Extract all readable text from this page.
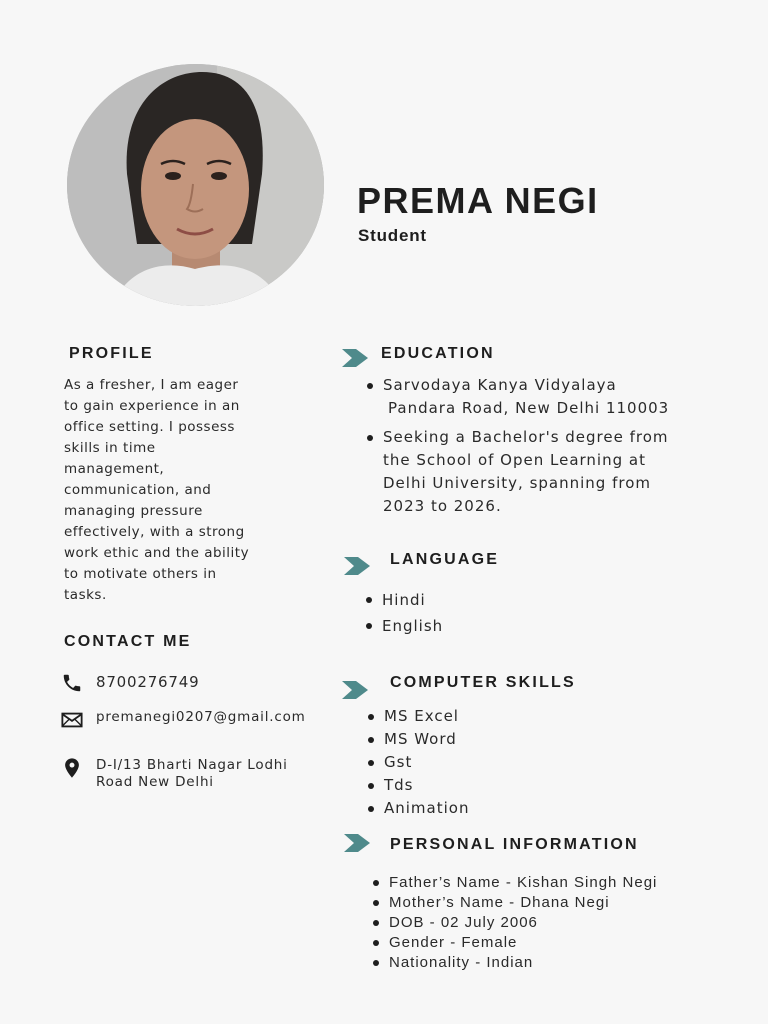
PREMA NEGI
Student
PROFILE
As a fresher, I am eager to gain experience in an office setting. I possess skills in time management, communication, and managing pressure effectively, with a strong work ethic and the ability to motivate others in tasks.
CONTACT ME
8700276749
premanegi0207@gmail.com
D-I/13 Bharti Nagar Lodhi
Road New Delhi
EDUCATION
Sarvodaya Kanya Vidyalaya
Pandara Road, New Delhi 110003
Seeking a Bachelor's degree from
the School of Open Learning at
Delhi University, spanning from
2023 to 2026.
LANGUAGE
Hindi
English
COMPUTER SKILLS
MS Excel
MS Word
Gst
Tds
Animation
PERSONAL INFORMATION
Father’s Name - Kishan Singh Negi
Mother’s Name - Dhana Negi
DOB - 02 July 2006
Gender - Female
Nationality - Indian
